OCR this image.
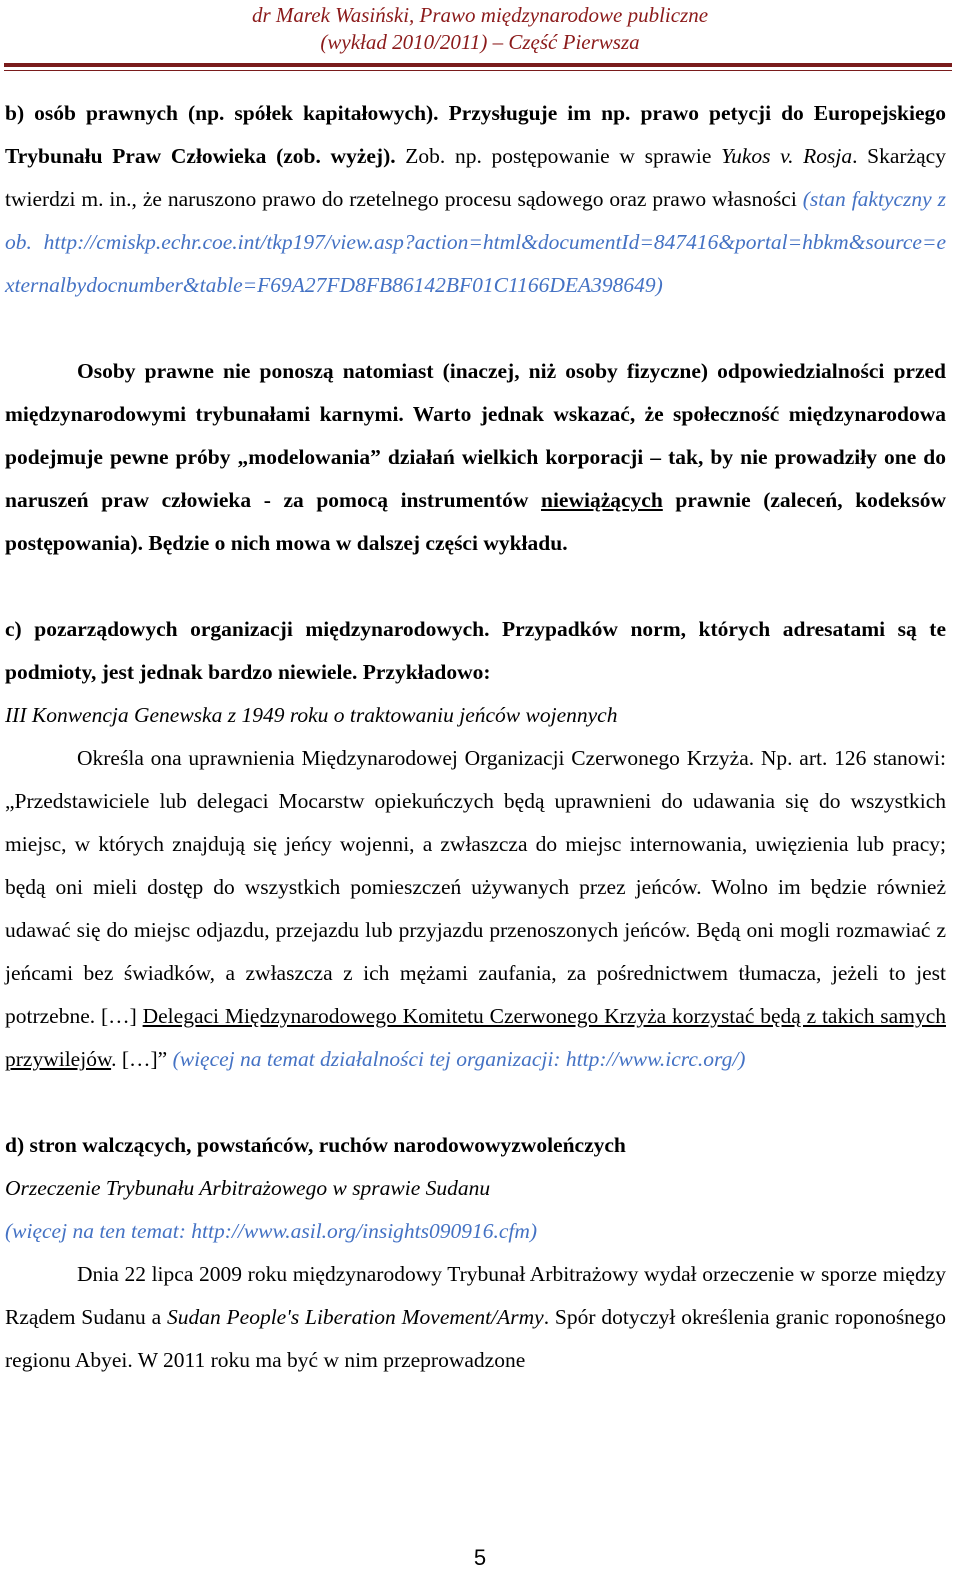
dr Marek Wasiński, Prawo międzynarodowe publiczne
(wykład 2010/2011) – Część Pierwsza

b) osób prawnych (np. spółek kapitałowych). Przysługuje im np. prawo petycji do Europejskiego Trybunału Praw Człowieka (zob. wyżej). Zob. np. postępowanie w sprawie Yukos v. Rosja. Skarżący twierdzi m. in., że naruszono prawo do rzetelnego procesu sądowego oraz prawo własności (stan faktyczny zob. http://cmiskp.echr.coe.int/tkp197/view.asp?action=html&documentId=847416&portal=hbkm&source=externalbydocnumber&table=F69A27FD8FB86142BF01C1166DEA398649)

Osoby prawne nie ponoszą natomiast (inaczej, niż osoby fizyczne) odpowiedzialności przed międzynarodowymi trybunałami karnymi. Warto jednak wskazać, że społeczność międzynarodowa podejmuje pewne próby „modelowania” działań wielkich korporacji – tak, by nie prowadziły one do naruszeń praw człowieka - za pomocą instrumentów niewiążących prawnie (zaleceń, kodeksów postępowania). Będzie o nich mowa w dalszej części wykładu.

c) pozarządowych organizacji międzynarodowych. Przypadków norm, których adresatami są te podmioty, jest jednak bardzo niewiele. Przykładowo:

III Konwencja Genewska z 1949 roku o traktowaniu jeńców wojennych

Określa ona uprawnienia Międzynarodowej Organizacji Czerwonego Krzyża. Np. art. 126 stanowi: „Przedstawiciele lub delegaci Mocarstw opiekuńczych będą uprawnieni do udawania się do wszystkich miejsc, w których znajdują się jeńcy wojenni, a zwłaszcza do miejsc internowania, uwięzienia lub pracy; będą oni mieli dostęp do wszystkich pomieszczeń używanych przez jeńców. Wolno im będzie również udawać się do miejsc odjazdu, przejazdu lub przyjazdu przenoszonych jeńców. Będą oni mogli rozmawiać z jeńcami bez świadków, a zwłaszcza z ich mężami zaufania, za pośrednictwem tłumacza, jeżeli to jest potrzebne. […] Delegaci Międzynarodowego Komitetu Czerwonego Krzyża korzystać będą z takich samych przywilejów. […]” (więcej na temat działalności tej organizacji: http://www.icrc.org/)

d) stron walczących, powstańców, ruchów narodowowyzwoleńczych

Orzeczenie Trybunału Arbitrażowego w sprawie Sudanu

(więcej na ten temat: http://www.asil.org/insights090916.cfm)

Dnia 22 lipca 2009 roku międzynarodowy Trybunał Arbitrażowy wydał orzeczenie w sporze między Rządem Sudanu a Sudan People's Liberation Movement/Army. Spór dotyczył określenia granic roponośnego regionu Abyei. W 2011 roku ma być w nim przeprowadzone

5
